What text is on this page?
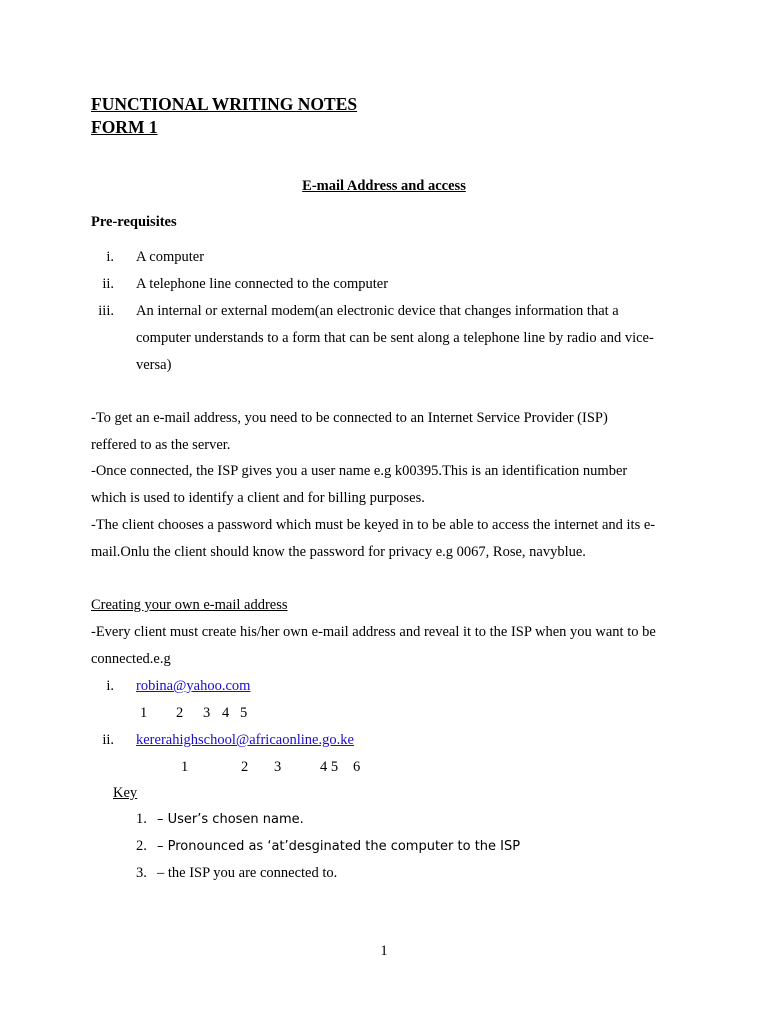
FUNCTIONAL WRITING NOTES
FORM 1
E-mail Address and access
Pre-requisites
i. A computer
ii. A telephone line connected to the computer
iii. An internal or external modem(an electronic device that changes information that a
computer understands to a form that can be sent along a telephone line by radio and vice-
versa)
-To get an e-mail address, you need to be connected to an Internet Service Provider (ISP)
reffered to as the server.
-Once connected, the ISP gives you a user name e.g k00395.This is an identification number
which is used to identify a client and for billing purposes.
-The client chooses a password which must be keyed in to be able to access the internet and its e-
mail.Onlu the client should know the password for privacy e.g 0067, Rose, navyblue.
Creating your own e-mail address
-Every client must create his/her own e-mail address and reveal it to the ISP when you want to be
connected.e.g
i. robina@yahoo.com
1 2 3 4 5
ii. kererahighschool@africaonline.go.ke
1	2 3	4 5 6
Key
1. – User’s chosen name.
2. – Pronounced as ‘at’desginated the computer to the ISP
3. – the ISP you are connected to.
1
